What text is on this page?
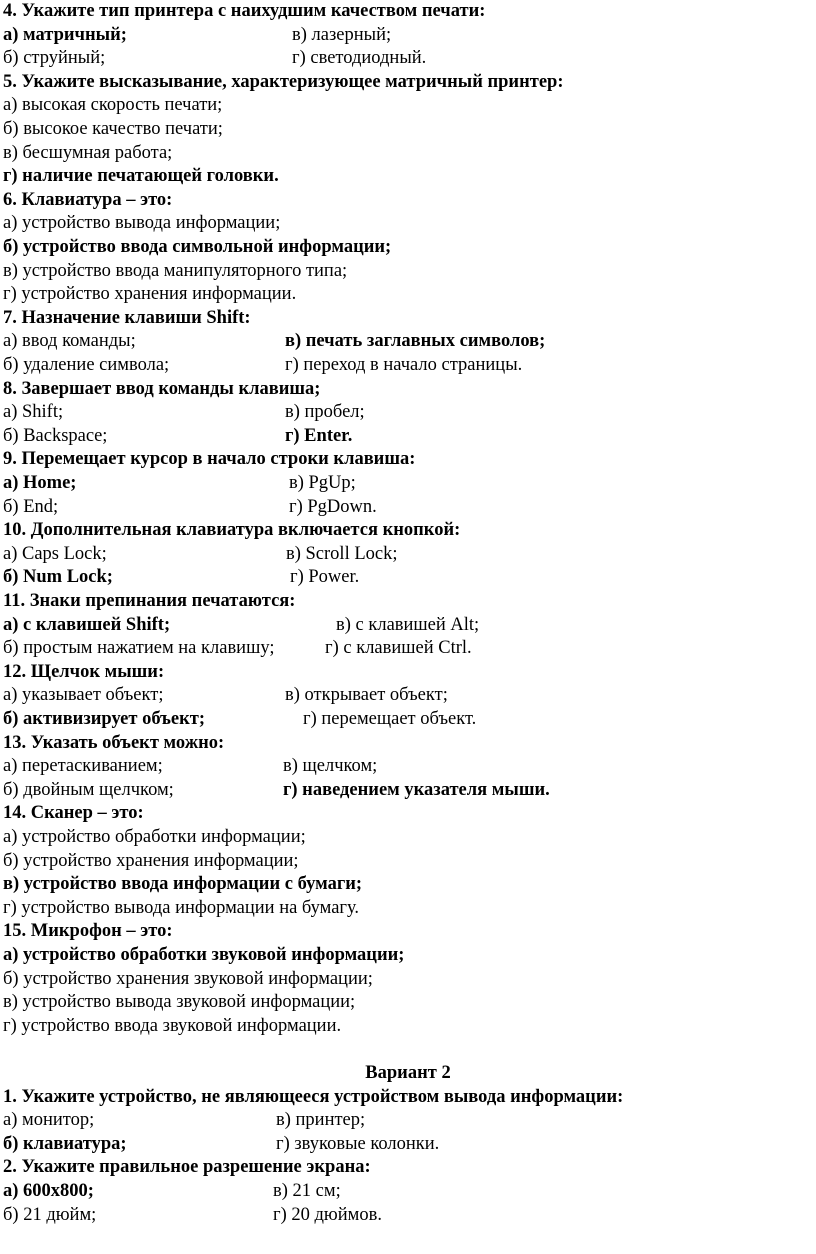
4. Укажите тип принтера с наихудшим качеством печати:
а) матричный;	в) лазерный;
б) струйный;	г) светодиодный.
5. Укажите высказывание, характеризующее матричный принтер:
а) высокая скорость печати;
б) высокое качество печати;
в) бесшумная работа;
г) наличие печатающей головки.
6. Клавиатура – это:
а) устройство вывода информации;
б) устройство ввода символьной информации;
в) устройство ввода манипуляторного типа;
г) устройство хранения информации.
7. Назначение клавиши Shift:
а) ввод команды;	в) печать заглавных символов;
б) удаление символа;	г) переход в начало страницы.
8. Завершает ввод команды клавиша;
а) Shift;	в) пробел;
б) Backspace;	г) Enter.
9. Перемещает курсор в начало строки клавиша:
а) Home;	в) PgUp;
б) End;	г) PgDown.
10. Дополнительная клавиатура включается кнопкой:
а) Caps Lock;	в) Scroll Lock;
б) Num Lock;	г) Power.
11. Знаки препинания печатаются:
а) с клавишей Shift;	в) с клавишей Alt;
б) простым нажатием на клавишу;	г) с клавишей Ctrl.
12. Щелчок мыши:
а) указывает объект;	в) открывает объект;
б) активизирует объект;	г) перемещает объект.
13. Указать объект можно:
а) перетаскиванием;	в) щелчком;
б) двойным щелчком;	г) наведением указателя мыши.
14. Сканер – это:
а) устройство обработки информации;
б) устройство хранения информации;
в) устройство ввода информации с бумаги;
г) устройство вывода информации на бумагу.
15. Микрофон – это:
а) устройство обработки звуковой информации;
б) устройство хранения звуковой информации;
в) устройство вывода звуковой информации;
г) устройство ввода звуковой информации.
Вариант 2
1. Укажите устройство, не являющееся устройством вывода информации:
а) монитор;	в) принтер;
б) клавиатура;	г) звуковые колонки.
2. Укажите правильное разрешение экрана:
а) 600x800;	в) 21 см;
б) 21 дюйм;	г) 20 дюймов.
